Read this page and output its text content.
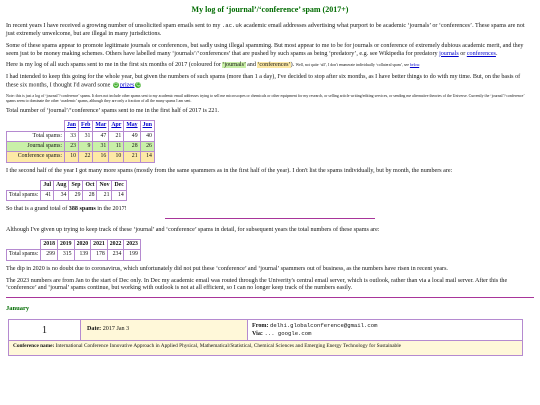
My log of ‘journal’/‘conference’ spam (2017+)

In recent years I have received a growing number of unsolicited spam emails sent to my .ac.uk academic email addresses advertising what purport to be academic ‘journals’ or ‘conferences’. These spams are not just extremely unwelcome, but are illegal in many jurisdictions.

Some of these spams appear to promote legitimate journals or conferences, but sadly using illegal spamming. But most appear to me to be for journals or conference of extremely dubious academic merit, and they seem just to be money making schemes. Others have labelled many ‘journals’/‘conferences’ that are pushed by such spams as being ‘predatory’, e.g. see Wikipedia for predatory journals or conferences.

Here is my log of all such spams sent to me in the first six months of 2017 (coloured for ‘journals’ and ‘conferences’). Well, not quite ‘all’, I don't enumerate individually ‘collateral spam’, see below.

I had intended to keep this going for the whole year, but given the numbers of such spams (more than 1 a day), I've decided to stop after six months, as I have better things to do with my time. But, on the basis of these six months, I thought I'd award some ☺prizes☺

Note: this is just a log of ‘journal’/‘conference’ spams. It does not include other spams sent to my academic email addresses trying to sell me microscopes or chemicals or other equipment for my research, or selling article writing/editing services, or sending me alternative theories of the Universe. Currently the ‘journal’/‘conference’ spams seem to dominate the other ‘academic’ spams, although they are only a fraction of all the many spams I am sent.

Total number of ‘journal’/‘conference’ spams sent to me in the first half of 2017 is 221.

	Jan	Feb	Mar	Apr	May	Jun
Total spams:	33	31	47	21	49	40
Journal spams:	23	9	31	11	28	26
Conference spams:	10	22	16	10	21	14

I the second half of the year I got many more spams (mostly from the same spammers as in the first half of the year). I don't list the spams individually, but by month, the numbers are:

	Jul	Aug	Sep	Oct	Nov	Dec
Total spams:	41	34	29	28	21	14

So that is a grand total of 388 spams in the 2017!

Although I've given up trying to keep track of these ‘journal’ and ‘conference’ spams in detail, for subsequent years the total numbers of these spams are:

	2018	2019	2020	2021	2022	2023
Total spams:	299	315	139	178	234	199

The dip in 2020 is no doubt due to coronavirus, which unfortunately did not put these ‘conference’ and ‘journal’ spammers out of business, as the numbers have risen in recent years.

The 2023 numbers are from Jan to the start of Dec only. In Dec my academic email was routed through the Univerity's central email server, which is outlook, rather than via a local mail server. After this the ‘conference’ and ‘journal’ spams continue, but working with outlook is not at all efficient, so I can no longer keep track of the numbers easily.

January
1	Date: 2017 Jan 3	From: delhi.globalconference@gmail.com
Via: ... google.com
Conference name: International Conference Innovative Approach in Applied Physical, Mathematical/Statistical, Chemical Sciences and Emerging Energy Technology for Sustainable
